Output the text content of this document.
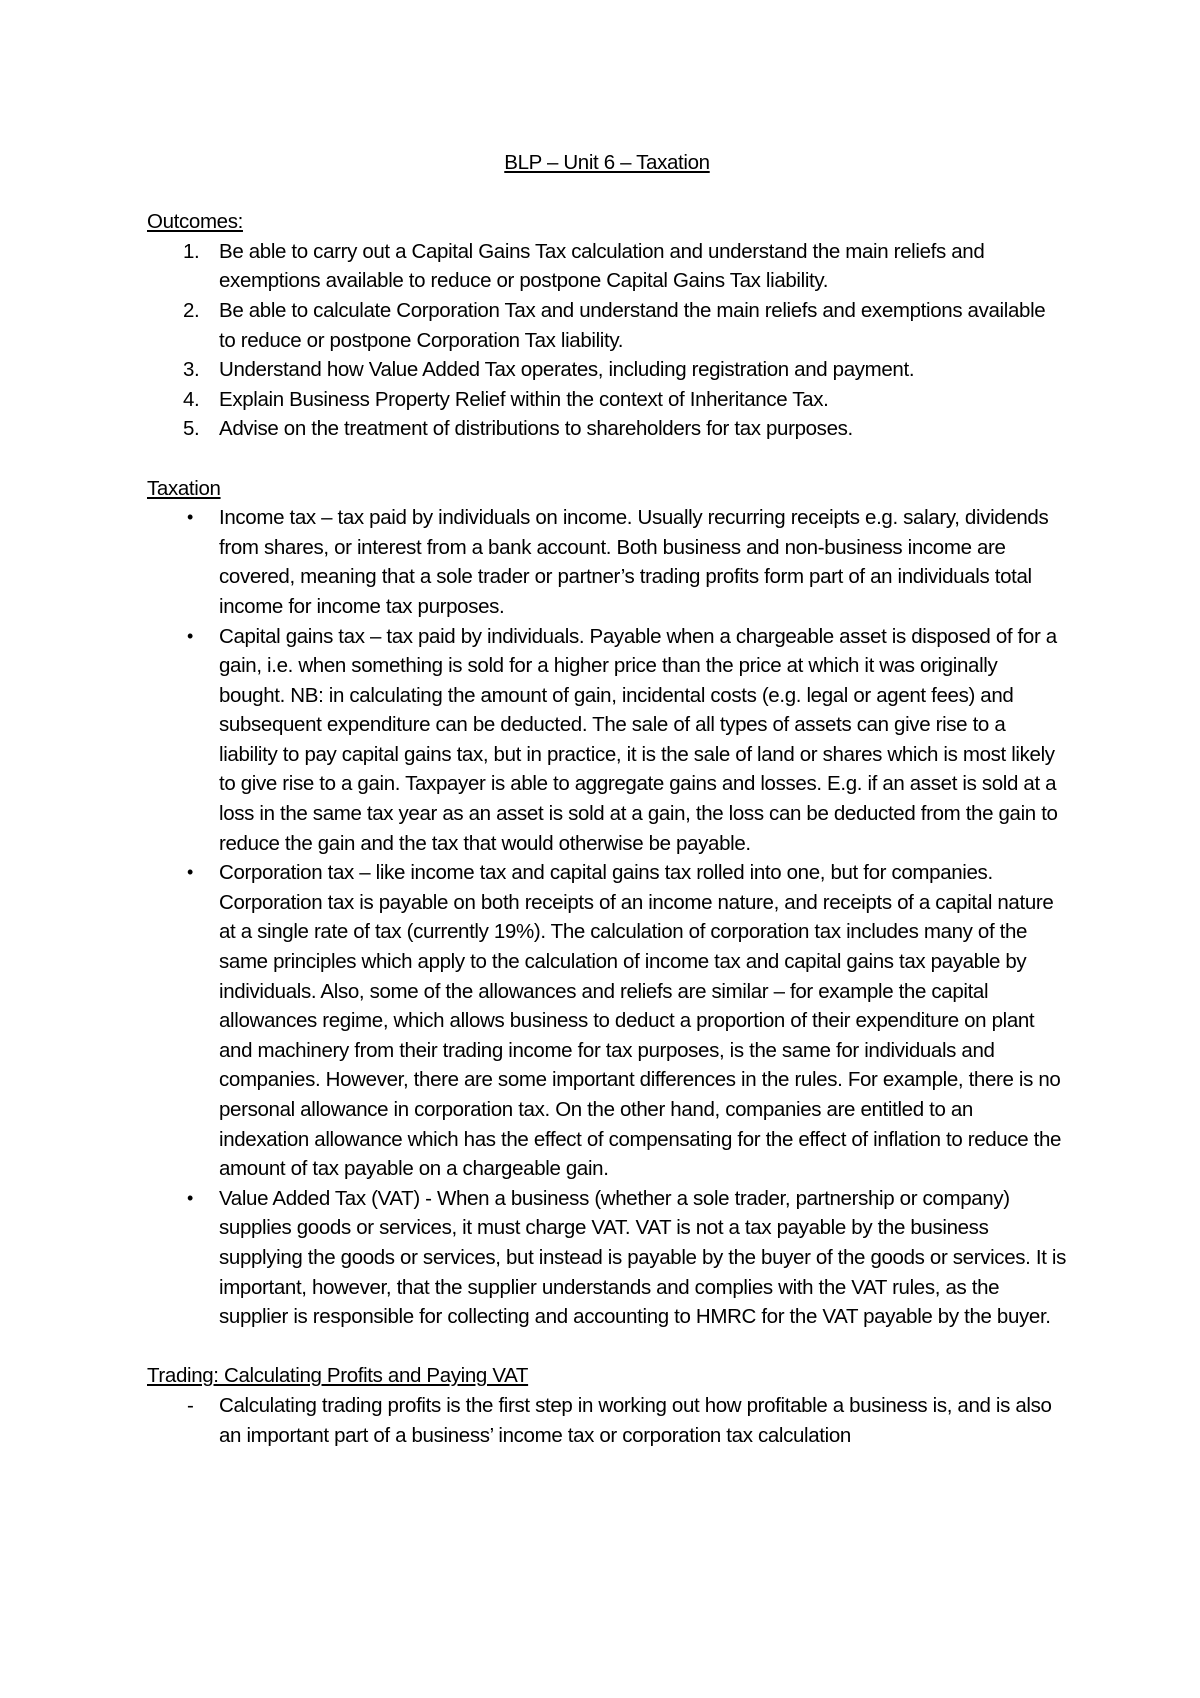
BLP – Unit 6 – Taxation

Outcomes:

1. Be able to carry out a Capital Gains Tax calculation and understand the main reliefs and exemptions available to reduce or postpone Capital Gains Tax liability.
2. Be able to calculate Corporation Tax and understand the main reliefs and exemptions available to reduce or postpone Corporation Tax liability.
3. Understand how Value Added Tax operates, including registration and payment.
4. Explain Business Property Relief within the context of Inheritance Tax.
5. Advise on the treatment of distributions to shareholders for tax purposes.

Taxation

• Income tax – tax paid by individuals on income. Usually recurring receipts e.g. salary, dividends from shares, or interest from a bank account. Both business and non-business income are covered, meaning that a sole trader or partner’s trading profits form part of an individuals total income for income tax purposes.
• Capital gains tax – tax paid by individuals. Payable when a chargeable asset is disposed of for a gain, i.e. when something is sold for a higher price than the price at which it was originally bought. NB: in calculating the amount of gain, incidental costs (e.g. legal or agent fees) and subsequent expenditure can be deducted. The sale of all types of assets can give rise to a liability to pay capital gains tax, but in practice, it is the sale of land or shares which is most likely to give rise to a gain. Taxpayer is able to aggregate gains and losses. E.g. if an asset is sold at a loss in the same tax year as an asset is sold at a gain, the loss can be deducted from the gain to reduce the gain and the tax that would otherwise be payable.
• Corporation tax – like income tax and capital gains tax rolled into one, but for companies. Corporation tax is payable on both receipts of an income nature, and receipts of a capital nature at a single rate of tax (currently 19%). The calculation of corporation tax includes many of the same principles which apply to the calculation of income tax and capital gains tax payable by individuals. Also, some of the allowances and reliefs are similar – for example the capital allowances regime, which allows business to deduct a proportion of their expenditure on plant and machinery from their trading income for tax purposes, is the same for individuals and companies. However, there are some important differences in the rules. For example, there is no personal allowance in corporation tax. On the other hand, companies are entitled to an indexation allowance which has the effect of compensating for the effect of inflation to reduce the amount of tax payable on a chargeable gain.
• Value Added Tax (VAT) - When a business (whether a sole trader, partnership or company) supplies goods or services, it must charge VAT. VAT is not a tax payable by the business supplying the goods or services, but instead is payable by the buyer of the goods or services. It is important, however, that the supplier understands and complies with the VAT rules, as the supplier is responsible for collecting and accounting to HMRC for the VAT payable by the buyer.

Trading: Calculating Profits and Paying VAT

- Calculating trading profits is the first step in working out how profitable a business is, and is also an important part of a business’ income tax or corporation tax calculation
